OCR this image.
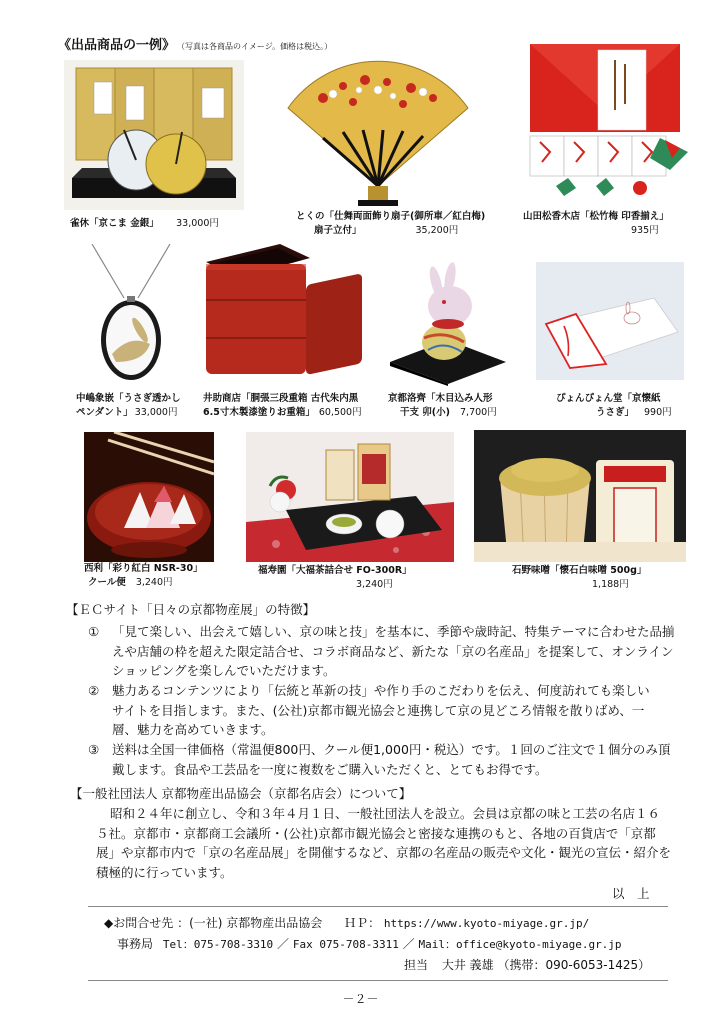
《出品商品の一例》 （写真は各商品のイメージ。価格は税込。）
雀休「京こま 金銀」 33,000円
とくの「仕舞両面飾り扇子(御所車／紅白梅)
扇子立付」	35,200円
山田松香木店「松竹梅 印香揃え」
935円
中嶋象嵌「うさぎ透かし
ペンダント」 33,000円
井助商店「胴張三段重箱 古代朱内黒
6.5寸木製漆塗りお重箱」 60,500円
京都洛齊「木目込み人形
干支 卯(小) 7,700円
ぴょんぴょん堂「京懐紙
うさぎ」 990円
西利「彩り紅白 NSR-30」
クール便 3,240円
福寿園「大福茶詰合せ FO-300R」
3,240円
石野味噌「懐石白味噌 500g」
1,188円
【ＥＣサイト「日々の京都物産展」の特徴】
① 「見て楽しい、出会えて嬉しい、京の味と技」を基本に、季節や歳時記、特集テーマに合わせた品揃えや店舗の枠を超えた限定詰合せ、コラボ商品など、新たな「京の名産品」を提案して、オンラインショッピングを楽しんでいただけます。
② 魅力あるコンテンツにより「伝統と革新の技」や作り手のこだわりを伝え、何度訪れても楽しいサイトを目指します。また、(公社)京都市観光協会と連携して京の見どころ情報を散りばめ、一層、魅力を高めていきます。
③ 送料は全国一律価格（常温便800円、クール便1,000円・税込）です。１回のご注文で１個分のみ頂戴します。食品や工芸品を一度に複数をご購入いただくと、とてもお得です。
【一般社団法人 京都物産出品協会（京都名店会）について】
昭和２４年に創立し、令和３年４月１日、一般社団法人を設立。会員は京都の味と工芸の名店１６５社。京都市・京都商工会議所・(公社)京都市観光協会と密接な連携のもと、各地の百貨店で「京都展」や京都市内で「京の名産品展」を開催するなど、京都の名産品の販売や文化・観光の宣伝・紹介を積極的に行っています。
以　上
◆お問合せ先 ：(一社) 京都物産出品協会 ＨＰ： https://www.kyoto-miyage.gr.jp/
事務局 Tel：075-708-3310 ／ Fax 075-708-3311 ／ Mail：office@kyoto-miyage.gr.jp
担当 大井 義雄 （携帯：090-6053-1425）
－２－
